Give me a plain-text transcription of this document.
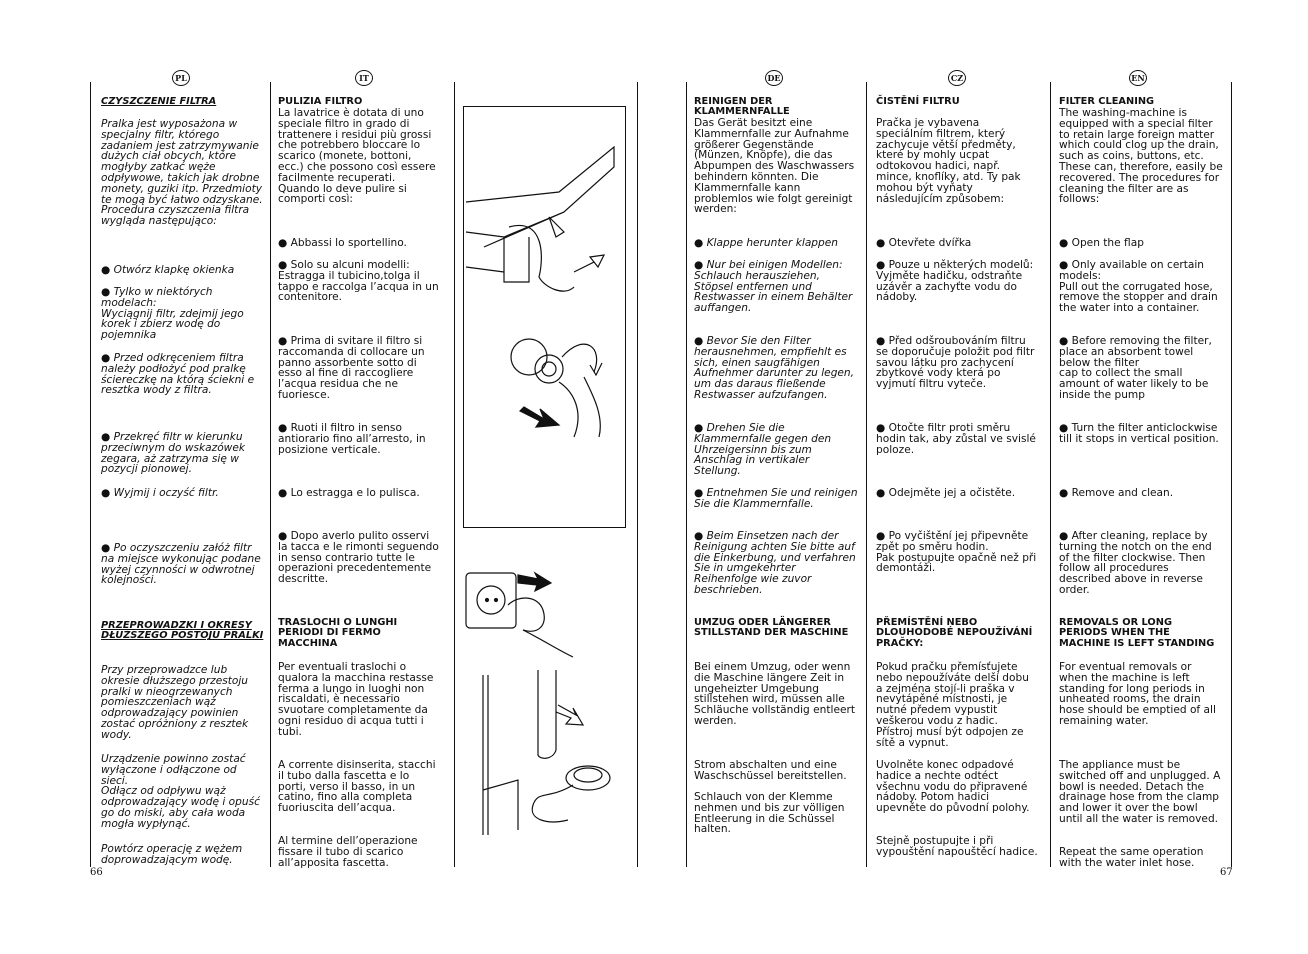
PL	IT	DE	CZ	EN
66	67
CZYSZCZENIE FILTRA
Pralka jest wyposażona w specjalny filtr, którego zadaniem jest zatrzymywanie dużych ciał obcych, które mogłyby zatkać węże odpływowe, takich jak drobne monety, guziki itp. Przedmioty te mogą być łatwo odzyskane. Procedura czyszczenia filtra wygląda następująco:
● Otwórz klapkę okienka
● Tylko w niektórych modelach:
Wyciągnij filtr, zdejmij jego korek i zbierz wodę do pojemnika
● Przed odkręceniem filtra należy podłożyć pod pralkę ściereczkę na którą ściekni e resztka wody z filtra.
● Przekręć filtr w kierunku przeciwnym do wskazówek zegara, aż zatrzyma się w pozycji pionowej.
● Wyjmij i oczyść filtr.
● Po oczyszczeniu załóż filtr na miejsce wykonując podane wyżej czynności w odwrotnej kolejności.
PRZEPROWADZKI I OKRESY DŁUŻSZEGO POSTOJU PRALKI
Przy przeprowadzce lub okresie dłuższego przestoju pralki w nieogrzewanych pomieszczeniach wąż odprowadzający powinien zostać opróżniony z resztek wody.
Urządzenie powinno zostać wyłączone i odłączone od sieci.
Odłącz od odpływu wąż odprowadzający wodę i opuść go do miski, aby cała woda mogła wypłynąć.
Powtórz operację z wężem doprowadzającym wodę.
PULIZIA FILTRO
La lavatrice è dotata di uno speciale filtro in grado di trattenere i residui più grossi che potrebbero bloccare lo scarico (monete, bottoni, ecc.) che possono così essere facilmente recuperati. Quando lo deve pulire si comporti così:
● Abbassi lo sportellino.
● Solo su alcuni modelli: Estragga il tubicino,tolga il tappo e raccolga l’acqua in un contenitore.
● Prima di svitare il filtro si raccomanda di collocare un panno assorbente sotto di esso al fine di raccogliere l’acqua residua che ne fuoriesce.
● Ruoti il filtro in senso antiorario fino all’arresto, in posizione verticale.
● Lo estragga e lo pulisca.
● Dopo averlo pulito osservi la tacca e le rimonti seguendo in senso contrario tutte le operazioni precedentemente descritte.
TRASLOCHI O LUNGHI PERIODI DI FERMO MACCHINA
Per eventuali traslochi o qualora la macchina restasse ferma a lungo in luoghi non riscaldati, è necessario svuotare completamente da ogni residuo di acqua tutti i tubi.
A corrente disinserita, stacchi il tubo dalla fascetta e lo porti, verso il basso, in un catino, fino alla completa fuoriuscita dell’acqua.
Al termine dell’operazione fissare il tubo di scarico all’apposita fascetta.
REINIGEN DER KLAMMERNFALLE
Das Gerät besitzt eine Klammernfalle zur Aufnahme größerer Gegenstände (Münzen, Knöpfe), die das Abpumpen des Waschwassers behindern könnten. Die Klammernfalle kann problemlos wie folgt gereinigt werden:
● Klappe herunter klappen
● Nur bei einigen Modellen: Schlauch herausziehen, Stöpsel entfernen und Restwasser in einem Behälter auffangen.
● Bevor Sie den Filter herausnehmen, empfiehlt es sich, einen saugfähigen Aufnehmer darunter zu legen, um das daraus fließende Restwasser aufzufangen.
● Drehen Sie die Klammernfalle gegen den Uhrzeigersinn bis zum Anschlag in vertikaler Stellung.
● Entnehmen Sie und reinigen Sie die Klammernfalle.
● Beim Einsetzen nach der Reinigung achten Sie bitte auf die Einkerbung, und verfahren Sie in umgekehrter Reihenfolge wie zuvor beschrieben.
UMZUG ODER LÄNGERER STILLSTAND DER MASCHINE
Bei einem Umzug, oder wenn die Maschine längere Zeit in ungeheizter Umgebung stillstehen wird, müssen alle Schläuche vollständig entleert werden.
Strom abschalten und eine Waschschüssel bereitstellen.
Schlauch von der Klemme nehmen und bis zur völligen Entleerung in die Schüssel halten.
ČISTĚNÍ FILTRU
Pračka je vybavena speciálním filtrem, který zachycuje větší předměty, které by mohly ucpat odtokovou hadici, např. mince, knoflíky, atd. Ty pak mohou být vyňaty následujícím způsobem:
● Otevřete dvířka
● Pouze u některých modelů:
Vyjměte hadičku, odstraňte uzávěr a zachyťte vodu do nádoby.
● Před odšroubováním filtru se doporučuje položit pod filtr savou látku pro zachycení zbytkové vody která po vyjmutí filtru vyteče.
● Otočte filtr proti směru hodin tak, aby zůstal ve svislé poloze.
● Odejměte jej a očistěte.
● Po vyčištění jej připevněte zpět po směru hodin.
Pak postupujte opačně než při demontáži.
PŘEMÍSTĚNÍ NEBO DLOUHODOBÉ NEPOUŽÍVÁNÍ PRAČKY:
Pokud pračku přemísťujete nebo nepoužíváte delší dobu a zejména stojí-li praška v nevytápěné místnosti, je nutné předem vypustit veškerou vodu z hadic.
Přístroj musí být odpojen ze sítě a vypnut.
Uvolněte konec odpadové hadice a nechte odtéct všechnu vodu do připravené nádoby. Potom hadici upevněte do původní polohy.
Stejně postupujte i při vypouštění napouštěcí hadice.
FILTER CLEANING
The washing-machine is equipped with a special filter to retain large foreign matter which could clog up the drain, such as coins, buttons, etc. These can, therefore, easily be recovered. The procedures for cleaning the filter are as follows:
● Open the flap
● Only available on certain models:
Pull out the corrugated hose, remove the stopper and drain the water into a container.
● Before removing the filter, place an absorbent towel below the filter
cap to collect the small amount of water likely to be inside the pump
● Turn the filter anticlockwise till it stops in vertical position.
● Remove and clean.
● After cleaning, replace by turning the notch on the end of the filter clockwise. Then follow all procedures described above in reverse order.
REMOVALS OR LONG PERIODS WHEN THE MACHINE IS LEFT STANDING
For eventual removals or when the machine is left standing for long periods in unheated rooms, the drain hose should be emptied of all remaining water.
The appliance must be switched off and unplugged. A bowl is needed. Detach the drainage hose from the clamp and lower it over the bowl until all the water is removed.
Repeat the same operation with the water inlet hose.
